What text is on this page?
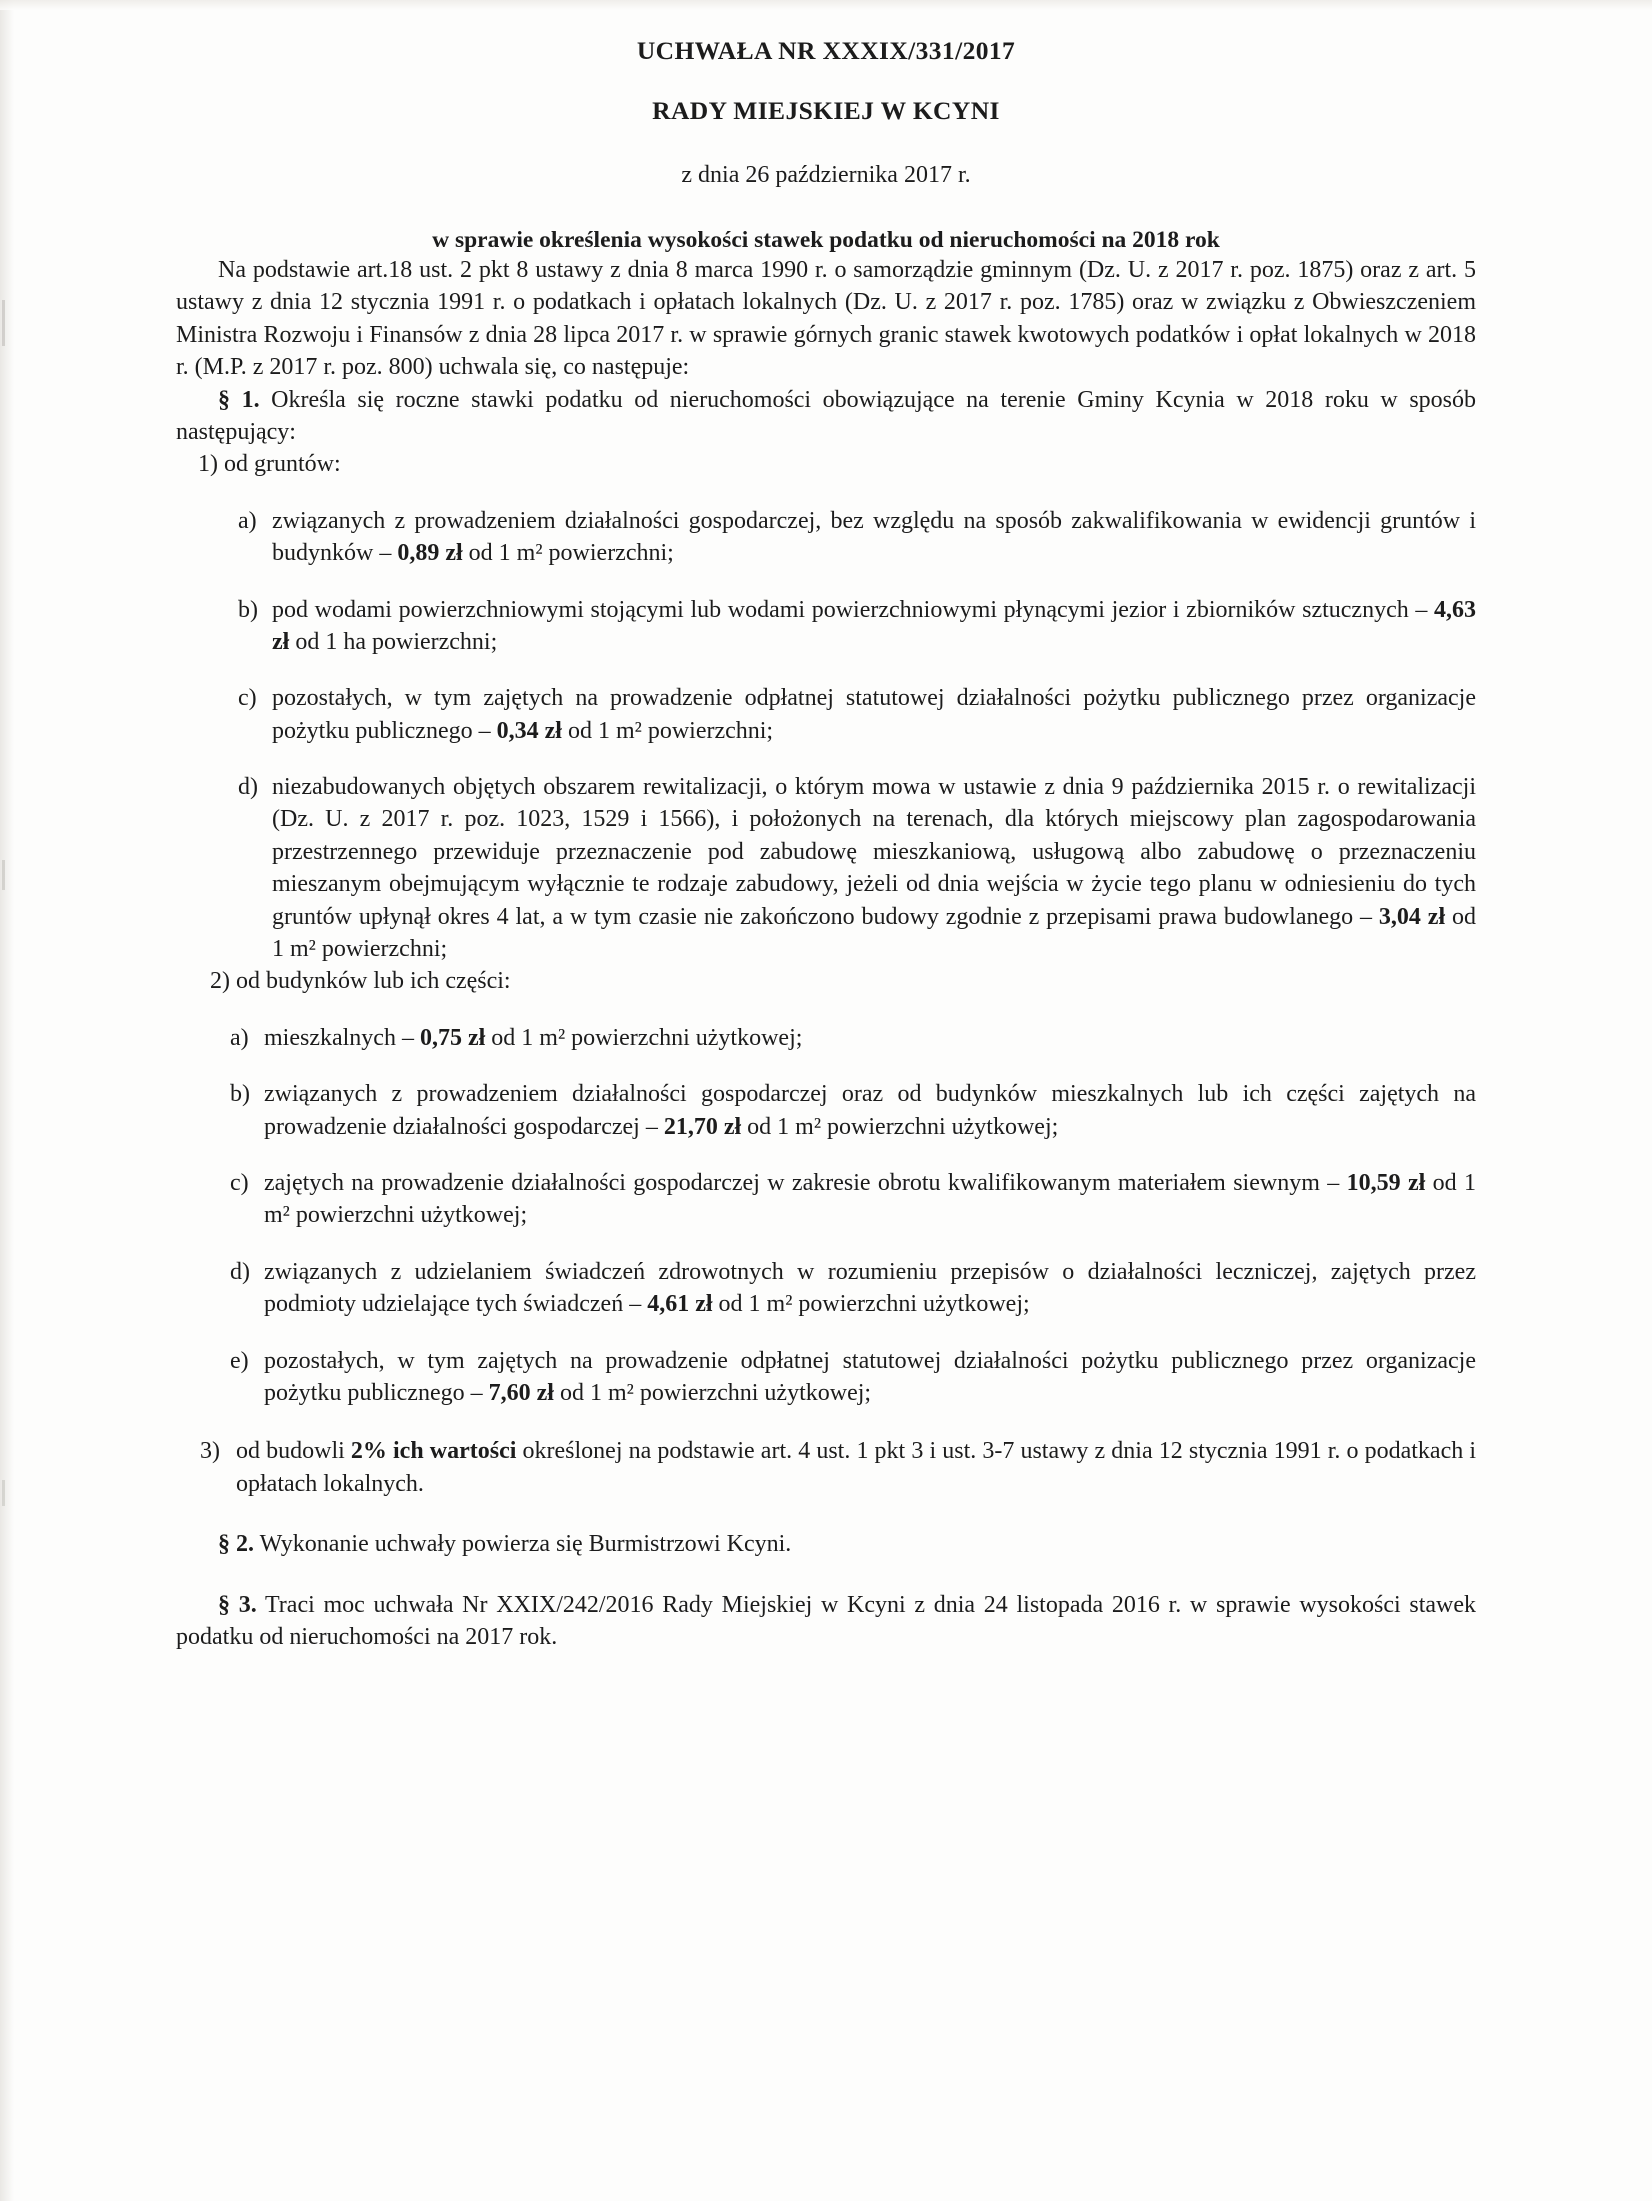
UCHWAŁA NR XXXIX/331/2017
RADY MIEJSKIEJ W KCYNI
z dnia 26 października 2017 r.
w sprawie określenia wysokości stawek podatku od nieruchomości na 2018 rok

Na podstawie art.18 ust. 2 pkt 8 ustawy z dnia 8 marca 1990 r. o samorządzie gminnym (Dz. U. z 2017 r. poz. 1875) oraz z art. 5 ustawy z dnia 12 stycznia 1991 r. o podatkach i opłatach lokalnych (Dz. U. z 2017 r. poz. 1785) oraz w związku z Obwieszczeniem Ministra Rozwoju i Finansów z dnia 28 lipca 2017 r. w sprawie górnych granic stawek kwotowych podatków i opłat lokalnych w 2018 r. (M.P. z 2017 r. poz. 800) uchwala się, co następuje:

§ 1. Określa się roczne stawki podatku od nieruchomości obowiązujące na terenie Gminy Kcynia w 2018 roku w sposób następujący:

1) od gruntów:

a) związanych z prowadzeniem działalności gospodarczej, bez względu na sposób zakwalifikowania w ewidencji gruntów i budynków – 0,89 zł od 1 m² powierzchni;
b) pod wodami powierzchniowymi stojącymi lub wodami powierzchniowymi płynącymi jezior i zbiorników sztucznych – 4,63 zł od 1 ha powierzchni;
c) pozostałych, w tym zajętych na prowadzenie odpłatnej statutowej działalności pożytku publicznego przez organizacje pożytku publicznego – 0,34 zł od 1 m² powierzchni;
d) niezabudowanych objętych obszarem rewitalizacji, o którym mowa w ustawie z dnia 9 października 2015 r. o rewitalizacji (Dz. U. z 2017 r. poz. 1023, 1529 i 1566), i położonych na terenach, dla których miejscowy plan zagospodarowania przestrzennego przewiduje przeznaczenie pod zabudowę mieszkaniową, usługową albo zabudowę o przeznaczeniu mieszanym obejmującym wyłącznie te rodzaje zabudowy, jeżeli od dnia wejścia w życie tego planu w odniesieniu do tych gruntów upłynął okres 4 lat, a w tym czasie nie zakończono budowy zgodnie z przepisami prawa budowlanego – 3,04 zł od 1 m² powierzchni;

2) od budynków lub ich części:

a) mieszkalnych – 0,75 zł od 1 m² powierzchni użytkowej;
b) związanych z prowadzeniem działalności gospodarczej oraz od budynków mieszkalnych lub ich części zajętych na prowadzenie działalności gospodarczej – 21,70 zł od 1 m² powierzchni użytkowej;
c) zajętych na prowadzenie działalności gospodarczej w zakresie obrotu kwalifikowanym materiałem siewnym – 10,59 zł od 1 m² powierzchni użytkowej;
d) związanych z udzielaniem świadczeń zdrowotnych w rozumieniu przepisów o działalności leczniczej, zajętych przez podmioty udzielające tych świadczeń – 4,61 zł od 1 m² powierzchni użytkowej;
e) pozostałych, w tym zajętych na prowadzenie odpłatnej statutowej działalności pożytku publicznego przez organizacje pożytku publicznego – 7,60 zł od 1 m² powierzchni użytkowej;
3) od budowli 2% ich wartości określonej na podstawie art. 4 ust. 1 pkt 3 i ust. 3-7 ustawy z dnia 12 stycznia 1991 r. o podatkach i opłatach lokalnych.

§ 2. Wykonanie uchwały powierza się Burmistrzowi Kcyni.

§ 3. Traci moc uchwała Nr XXIX/242/2016 Rady Miejskiej w Kcyni z dnia 24 listopada 2016 r. w sprawie wysokości stawek podatku od nieruchomości na 2017 rok.
